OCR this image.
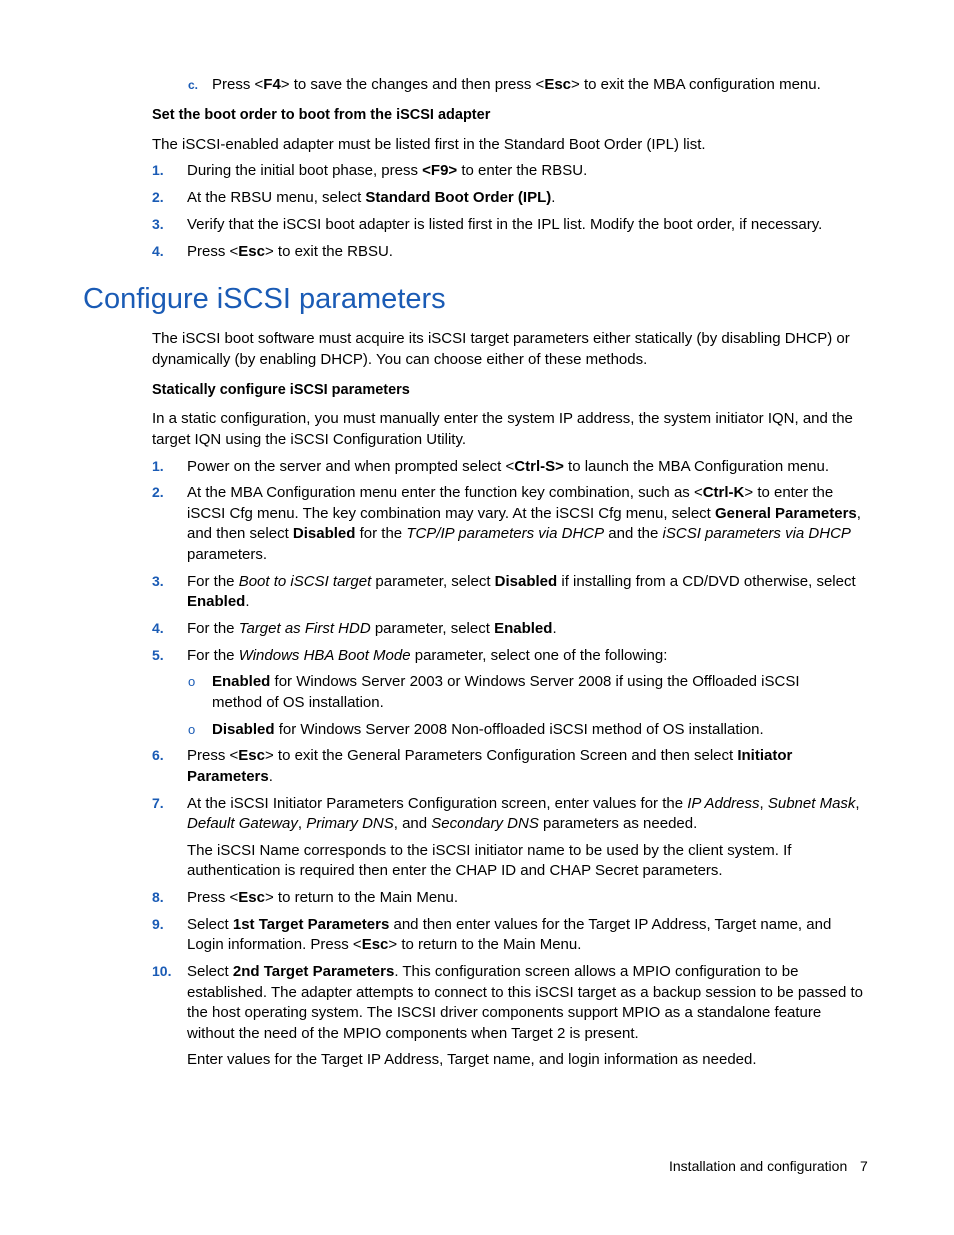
c. Press <F4> to save the changes and then press <Esc> to exit the MBA configuration menu.
Set the boot order to boot from the iSCSI adapter
The iSCSI-enabled adapter must be listed first in the Standard Boot Order (IPL) list.
1. During the initial boot phase, press <F9> to enter the RBSU.
2. At the RBSU menu, select Standard Boot Order (IPL).
3. Verify that the iSCSI boot adapter is listed first in the IPL list. Modify the boot order, if necessary.
4. Press <Esc> to exit the RBSU.
Configure iSCSI parameters
The iSCSI boot software must acquire its iSCSI target parameters either statically (by disabling DHCP) or
dynamically (by enabling DHCP). You can choose either of these methods.
Statically configure iSCSI parameters
In a static configuration, you must manually enter the system IP address, the system initiator IQN, and the
target IQN using the iSCSI Configuration Utility.
1. Power on the server and when prompted select <Ctrl-S> to launch the MBA Configuration menu.
2. At the MBA Configuration menu enter the function key combination, such as <Ctrl-K> to enter the
iSCSI Cfg menu. The key combination may vary. At the iSCSI Cfg menu, select General Parameters,
and then select Disabled for the TCP/IP parameters via DHCP and the iSCSI parameters via DHCP
parameters.
3. For the Boot to iSCSI target parameter, select Disabled if installing from a CD/DVD otherwise, select
Enabled.
4. For the Target as First HDD parameter, select Enabled.
5. For the Windows HBA Boot Mode parameter, select one of the following:
o Enabled for Windows Server 2003 or Windows Server 2008 if using the Offloaded iSCSI
method of OS installation.
o Disabled for Windows Server 2008 Non-offloaded iSCSI method of OS installation.
6. Press <Esc> to exit the General Parameters Configuration Screen and then select Initiator
Parameters.
7. At the iSCSI Initiator Parameters Configuration screen, enter values for the IP Address, Subnet Mask,
Default Gateway, Primary DNS, and Secondary DNS parameters as needed.
The iSCSI Name corresponds to the iSCSI initiator name to be used by the client system. If
authentication is required then enter the CHAP ID and CHAP Secret parameters.
8. Press <Esc> to return to the Main Menu.
9. Select 1st Target Parameters and then enter values for the Target IP Address, Target name, and
Login information. Press <Esc> to return to the Main Menu.
10. Select 2nd Target Parameters. This configuration screen allows a MPIO configuration to be
established. The adapter attempts to connect to this iSCSI target as a backup session to be passed to
the host operating system. The ISCSI driver components support MPIO as a standalone feature
without the need of the MPIO components when Target 2 is present.
Enter values for the Target IP Address, Target name, and login information as needed.
Installation and configuration 7
